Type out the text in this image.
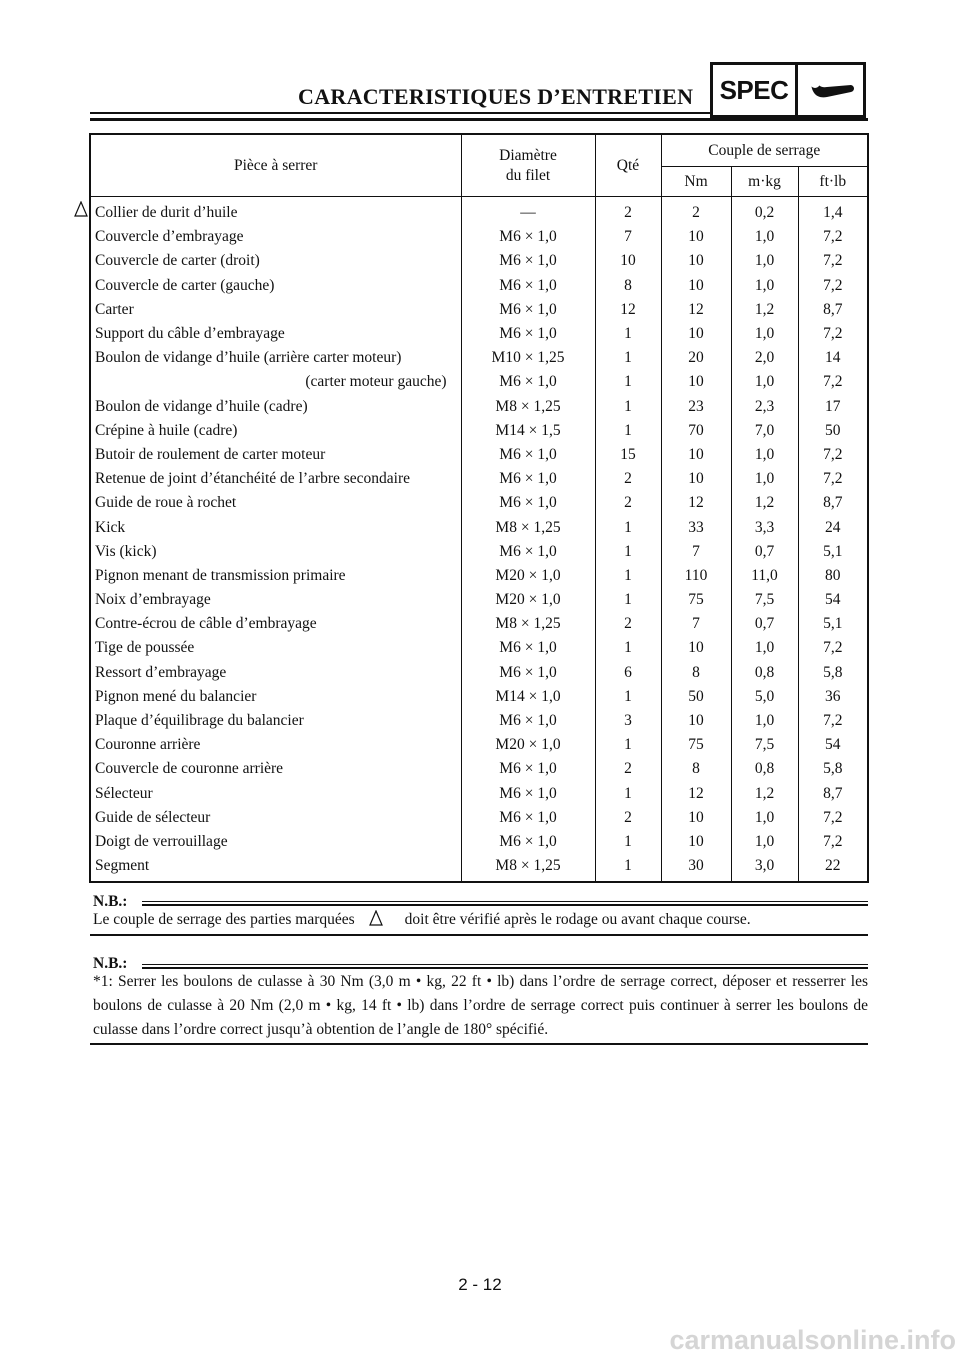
CARACTERISTIQUES D’ENTRETIEN SPEC
Pièce à serrer	Diamètre du filet	Qté	Couple de serrage		
			Nm	m·kg	ft·lb
Collier de durit d’huile	—	2	2	0,2	1,4
Couvercle d’embrayage	M6 × 1,0	7	10	1,0	7,2
Couvercle de carter (droit)	M6 × 1,0	10	10	1,0	7,2
Couvercle de carter (gauche)	M6 × 1,0	8	10	1,0	7,2
Carter	M6 × 1,0	12	12	1,2	8,7
Support du câble d’embrayage	M6 × 1,0	1	10	1,0	7,2
Boulon de vidange d’huile (arrière carter moteur)	M10 × 1,25	1	20	2,0	14
(carter moteur gauche)	M6 × 1,0	1	10	1,0	7,2
Boulon de vidange d’huile (cadre)	M8 × 1,25	1	23	2,3	17
Crépine à huile (cadre)	M14 × 1,5	1	70	7,0	50
Butoir de roulement de carter moteur	M6 × 1,0	15	10	1,0	7,2
Retenue de joint d’étanchéité de l’arbre secondaire	M6 × 1,0	2	10	1,0	7,2
Guide de roue à rochet	M6 × 1,0	2	12	1,2	8,7
Kick	M8 × 1,25	1	33	3,3	24
Vis (kick)	M6 × 1,0	1	7	0,7	5,1
Pignon menant de transmission primaire	M20 × 1,0	1	110	11,0	80
Noix d’embrayage	M20 × 1,0	1	75	7,5	54
Contre-écrou de câble d’embrayage	M8 × 1,25	2	7	0,7	5,1
Tige de poussée	M6 × 1,0	1	10	1,0	7,2
Ressort d’embrayage	M6 × 1,0	6	8	0,8	5,8
Pignon mené du balancier	M14 × 1,0	1	50	5,0	36
Plaque d’équilibrage du balancier	M6 × 1,0	3	10	1,0	7,2
Couronne arrière	M20 × 1,0	1	75	7,5	54
Couvercle de couronne arrière	M6 × 1,0	2	8	0,8	5,8
Sélecteur	M6 × 1,0	1	12	1,2	8,7
Guide de sélecteur	M6 × 1,0	2	10	1,0	7,2
Doigt de verrouillage	M6 × 1,0	1	10	1,0	7,2
Segment	M8 × 1,25	1	30	3,0	22
N.B.:
Le couple de serrage des parties marquées	doit être vérifié après le rodage ou avant chaque course.
N.B.:
*1: Serrer les boulons de culasse à 30 Nm (3,0 m • kg, 22 ft • lb) dans l’ordre de serrage correct, déposer et resserrer les boulons de culasse à 20 Nm (2,0 m • kg, 14 ft • lb) dans l’ordre de serrage correct puis continuer à serrer les boulons de culasse dans l’ordre correct jusqu’à obtention de l’angle de 180° spécifié.
2 - 12
carmanualsonline.info
